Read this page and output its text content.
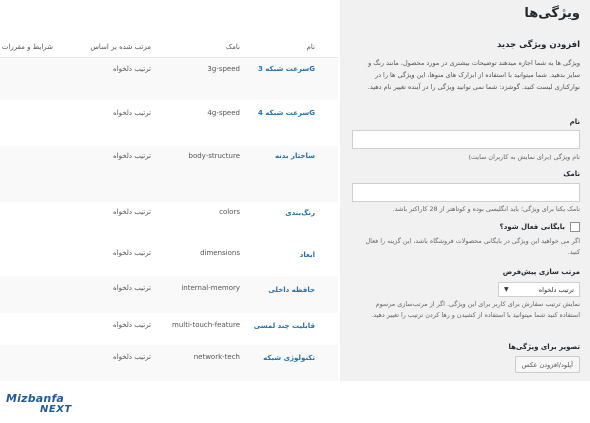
نام
نامک
مرتب شده بر اساس
شرایط و مقررات
سرعت شبکه 3G
3g-speed
ترتیب دلخواه
سرعت شبکه 4G
4g-speed
ترتیب دلخواه
ساختار بدنه
body-structure
ترتیب دلخواه
رنگ‌بندی
colors
ترتیب دلخواه
ابعاد
dimensions
ترتیب دلخواه
حافظه داخلی
internal-memory
ترتیب دلخواه
قابلیت چند لمسی
multi-touch-feature
ترتیب دلخواه
تکنولوژی شبکه
network-tech
ترتیب دلخواه
ویژگی‌ها
افزودن ویژگی جدید
ویژگی ها به شما اجازه میدهند توضیحات بیشتری در مورد محصول، مانند رنگ و سایز بدهید. شما میتوانید با استفاده از ابزارک های منوها، این ویژگی ها را در نوارکناری لیست کنید. گوشزد: شما نمی توانید ویژگی را در آینده تغییر نام دهید.
نام
نام ویژگی (برای نمایش به کاربران سایت)
نامک
نامک یکتا برای ویژگی؛ باید انگلیسی بوده و کوتاهتر از 28 کاراکتر باشد.
بایگانی فعال شود؟
اگر می خواهید این ویژگی در بایگانی محصولات فروشگاه باشد، این گزینه را فعال کنید.
مرتب سازی پیش‌فرض
ترتیب دلخواه
▼
نمایش ترتیب سفارش برای کاربر برای این ویژگی. اگر از مرتب‌سازی مرسوم استفاده کنید شما میتوانید با استفاده از کشیدن و رها کردن ترتیب را تغییر دهید.
تصویر برای ویژگی‌ها
آپلود/افزودن عکس
Mizbanfa
NEXT
